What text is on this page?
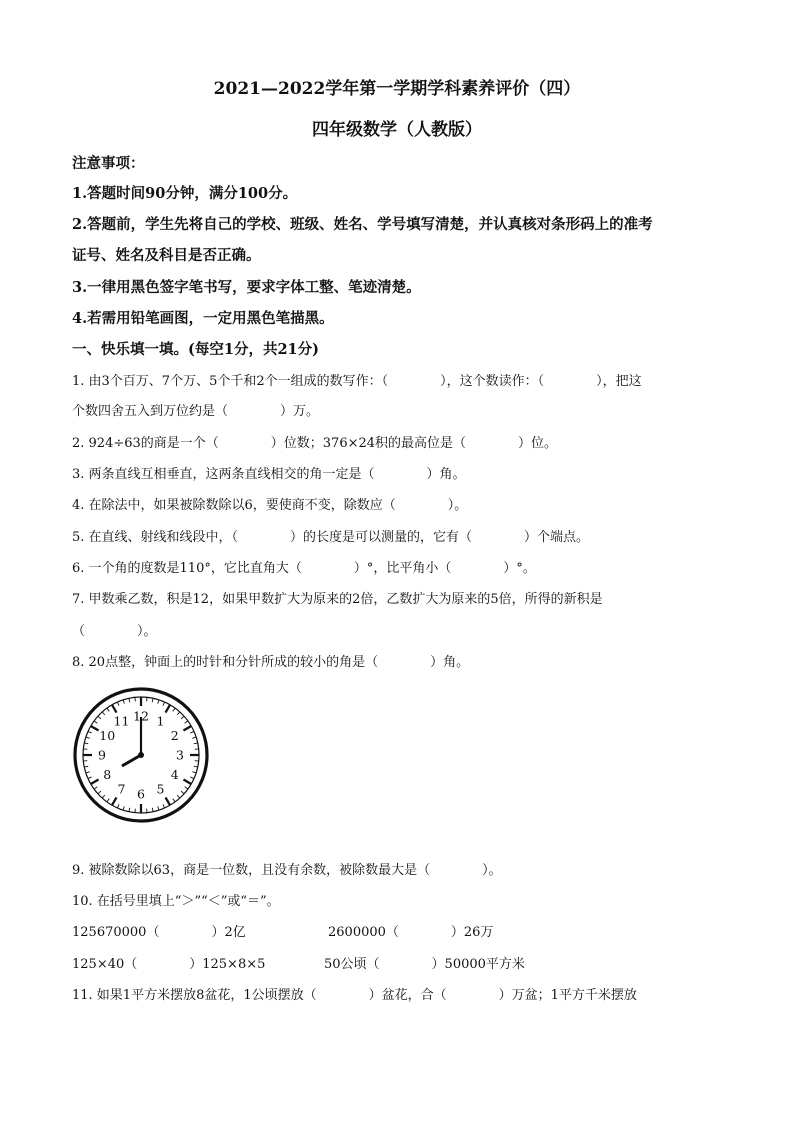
2021—2022学年第一学期学科素养评价（四）
四年级数学（人教版）
注意事项：
1.答题时间90分钟，满分100分。
2.答题前，学生先将自己的学校、班级、姓名、学号填写清楚，并认真核对条形码上的准考
证号、姓名及科目是否正确。
3.一律用黑色签字笔书写，要求字体工整、笔迹清楚。
4.若需用铅笔画图，一定用黑色笔描黑。
一、快乐填一填。(每空1分，共21分)
1. 由3个百万、7个万、5个千和2个一组成的数写作：（　　　　），这个数读作：（　　　　），把这
个数四舍五入到万位约是（　　　　）万。
2. 924÷63的商是一个（　　　　）位数；376×24积的最高位是（　　　　）位。
3. 两条直线互相垂直，这两条直线相交的角一定是（　　　　）角。
4. 在除法中，如果被除数除以6，要使商不变，除数应（　　　　）。
5. 在直线、射线和线段中，（　　　　）的长度是可以测量的，它有（　　　　）个端点。
6. 一个角的度数是110°，它比直角大（　　　　）°，比平角小（　　　　）°。
7. 甲数乘乙数，积是12，如果甲数扩大为原来的2倍，乙数扩大为原来的5倍，所得的新积是
（　　　　）。
8. 20点整，钟面上的时针和分针所成的较小的角是（　　　　）角。
12 1
2
3
4
5
6
7
8
9
10
11
9. 被除数除以63，商是一位数，且没有余数，被除数最大是（　　　　）。
10. 在括号里填上“＞”“＜”或“＝”。
125670000（　　　　）2亿	2600000（　　　　）26万
125×40（　　　　）125×8×5	50公顷（　　　　）50000平方米
11. 如果1平方米摆放8盆花，1公顷摆放（　　　　）盆花，合（　　　　）万盆；1平方千米摆放
